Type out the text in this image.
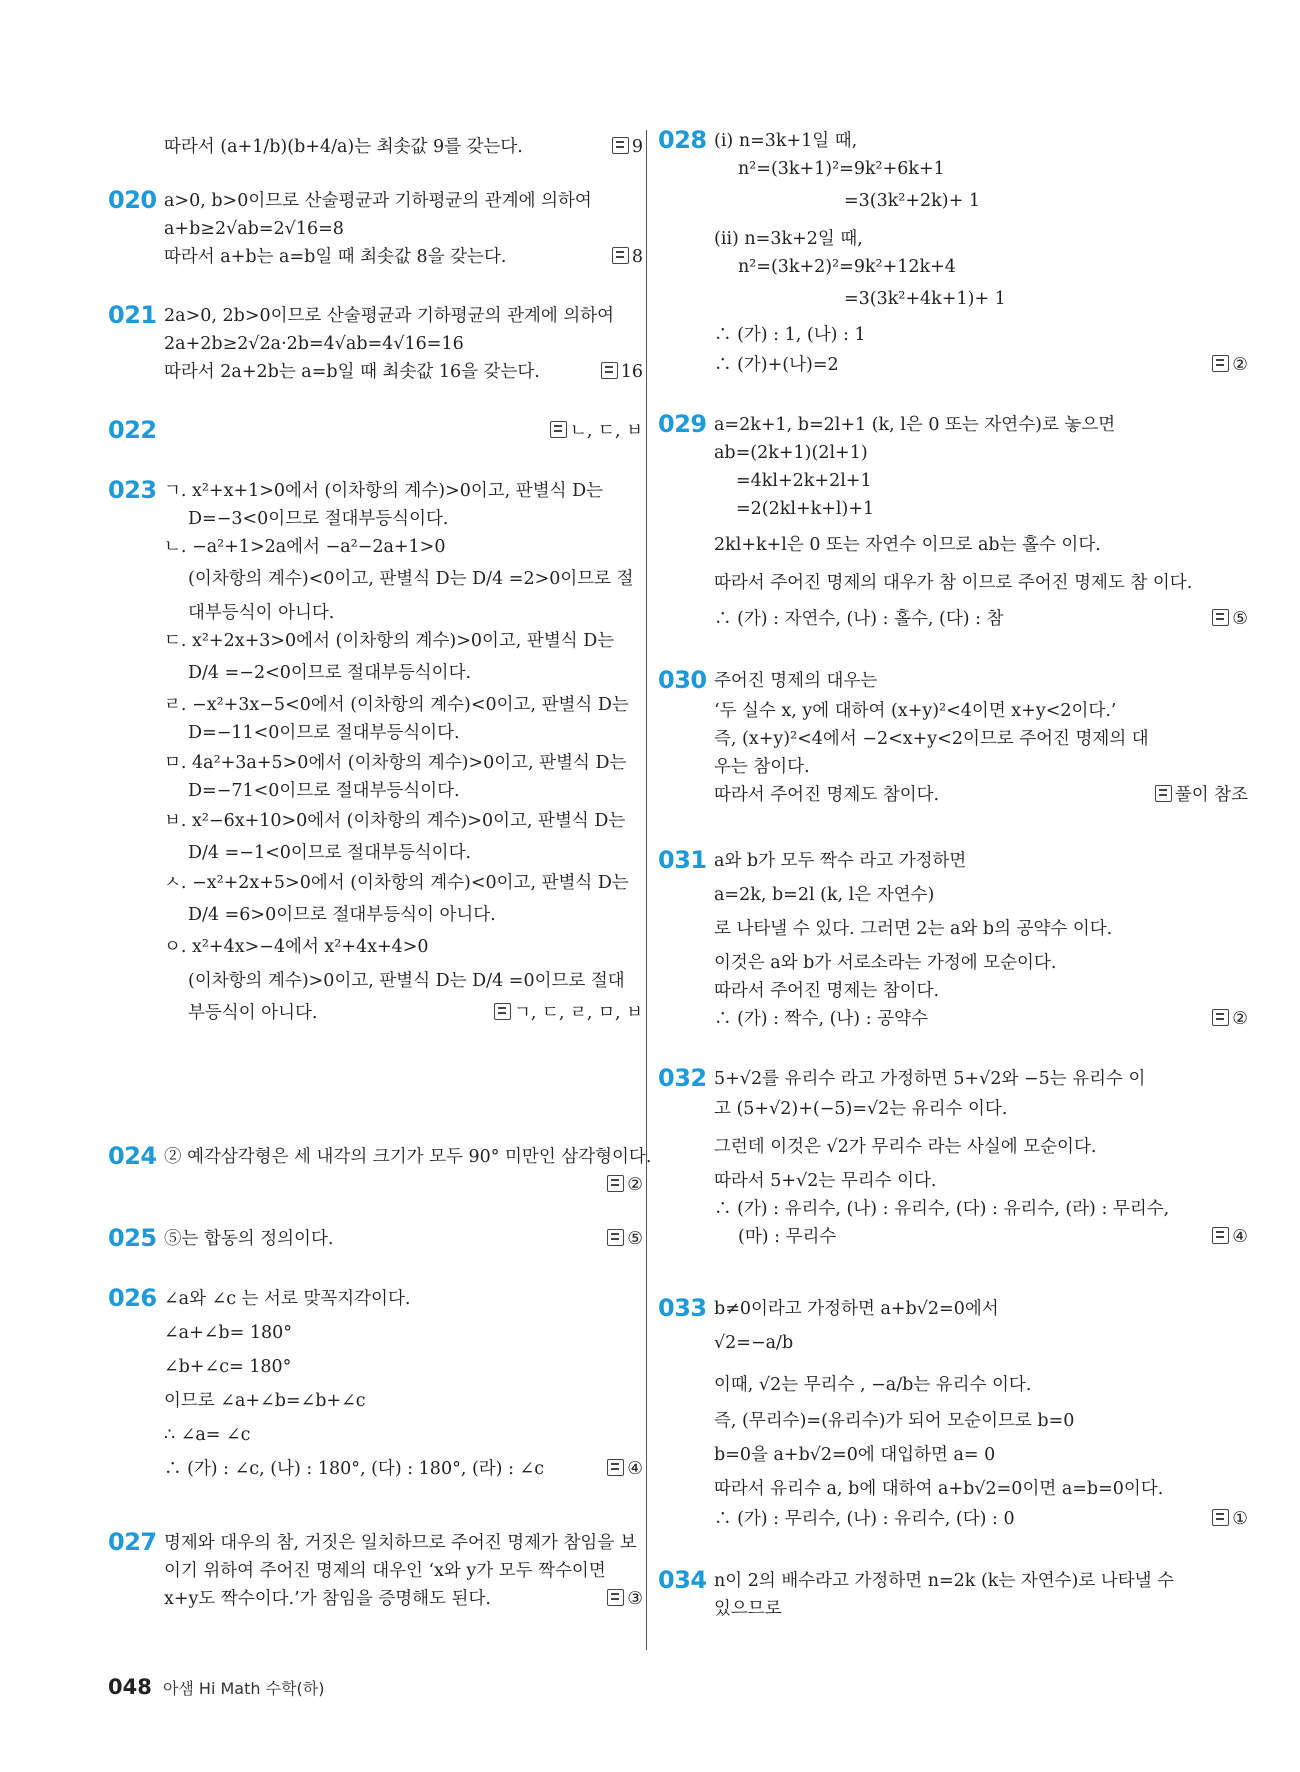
따라서 (a+1/b)(b+4/a)는 최솟값 9를 갖는다.	9
020 a>0, b>0이므로 산술평균과 기하평균의 관계에 의하여
a+b≥2√ab=2√16=8
따라서 a+b는 a=b일 때 최솟값 8을 갖는다.	8
021 2a>0, 2b>0이므로 산술평균과 기하평균의 관계에 의하여
2a+2b≥2√2a·2b=4√ab=4√16=16
따라서 2a+2b는 a=b일 때 최솟값 16을 갖는다.	16
022	ㄴ, ㄷ, ㅂ
023 ㄱ. x²+x+1>0에서 (이차항의 계수)>0이고, 판별식 D는
D=−3<0이므로 절대부등식이다.
ㄴ. −a²+1>2a에서 −a²−2a+1>0
(이차항의 계수)<0이고, 판별식 D는 D/4 =2>0이므로 절
대부등식이 아니다.
ㄷ. x²+2x+3>0에서 (이차항의 계수)>0이고, 판별식 D는
D/4 =−2<0이므로 절대부등식이다.
ㄹ. −x²+3x−5<0에서 (이차항의 계수)<0이고, 판별식 D는
D=−11<0이므로 절대부등식이다.
ㅁ. 4a²+3a+5>0에서 (이차항의 계수)>0이고, 판별식 D는
D=−71<0이므로 절대부등식이다.
ㅂ. x²−6x+10>0에서 (이차항의 계수)>0이고, 판별식 D는
D/4 =−1<0이므로 절대부등식이다.
ㅅ. −x²+2x+5>0에서 (이차항의 계수)<0이고, 판별식 D는
D/4 =6>0이므로 절대부등식이 아니다.
ㅇ. x²+4x>−4에서 x²+4x+4>0
(이차항의 계수)>0이고, 판별식 D는 D/4 =0이므로 절대
부등식이 아니다.	ㄱ, ㄷ, ㄹ, ㅁ, ㅂ
024 ② 예각삼각형은 세 내각의 크기가 모두 90° 미만인 삼각형이다.
②
025 ⑤는 합동의 정의이다.	⑤
026 ∠a와 ∠c 는 서로 맞꼭지각이다.
∠a+∠b= 180°
∠b+∠c= 180°
이므로 ∠a+∠b=∠b+∠c
∴ ∠a= ∠c
∴ (가) : ∠c, (나) : 180°, (다) : 180°, (라) : ∠c	④
027 명제와 대우의 참, 거짓은 일치하므로 주어진 명제가 참임을 보
이기 위하여 주어진 명제의 대우인 ‘x와 y가 모두 짝수이면
x+y도 짝수이다.’가 참임을 증명해도 된다.	③
028 (ⅰ) n=3k+1일 때,
n²=(3k+1)²=9k²+6k+1
=3(3k²+2k)+ 1
(ⅱ) n=3k+2일 때,
n²=(3k+2)²=9k²+12k+4
=3(3k²+4k+1)+ 1
∴ (가) : 1, (나) : 1
∴ (가)+(나)=2	②
029 a=2k+1, b=2l+1 (k, l은 0 또는 자연수)로 놓으면
ab=(2k+1)(2l+1)
=4kl+2k+2l+1
=2(2kl+k+l)+1
2kl+k+l은 0 또는 자연수 이므로 ab는 홀수 이다.
따라서 주어진 명제의 대우가 참 이므로 주어진 명제도 참 이다.
∴ (가) : 자연수, (나) : 홀수, (다) : 참	⑤
030 주어진 명제의 대우는
‘두 실수 x, y에 대하여 (x+y)²<4이면 x+y<2이다.’
즉, (x+y)²<4에서 −2<x+y<2이므로 주어진 명제의 대
우는 참이다.
따라서 주어진 명제도 참이다.	풀이 참조
031 a와 b가 모두 짝수 라고 가정하면
a=2k, b=2l (k, l은 자연수)
로 나타낼 수 있다. 그러면 2는 a와 b의 공약수 이다.
이것은 a와 b가 서로소라는 가정에 모순이다.
따라서 주어진 명제는 참이다.
∴ (가) : 짝수, (나) : 공약수	②
032 5+√2를 유리수 라고 가정하면 5+√2와 −5는 유리수 이
고 (5+√2)+(−5)=√2는 유리수 이다.
그런데 이것은 √2가 무리수 라는 사실에 모순이다.
따라서 5+√2는 무리수 이다.
∴ (가) : 유리수, (나) : 유리수, (다) : 유리수, (라) : 무리수,
(마) : 무리수	④
033 b≠0이라고 가정하면 a+b√2=0에서
√2=−a/b
이때, √2는 무리수 , −a/b는 유리수 이다.
즉, (무리수)=(유리수)가 되어 모순이므로 b=0
b=0을 a+b√2=0에 대입하면 a= 0
따라서 유리수 a, b에 대하여 a+b√2=0이면 a=b=0이다.
∴ (가) : 무리수, (나) : 유리수, (다) : 0	①
034 n이 2의 배수라고 가정하면 n=2k (k는 자연수)로 나타낼 수
있으므로
048 아샘 Hi Math 수학(하)
